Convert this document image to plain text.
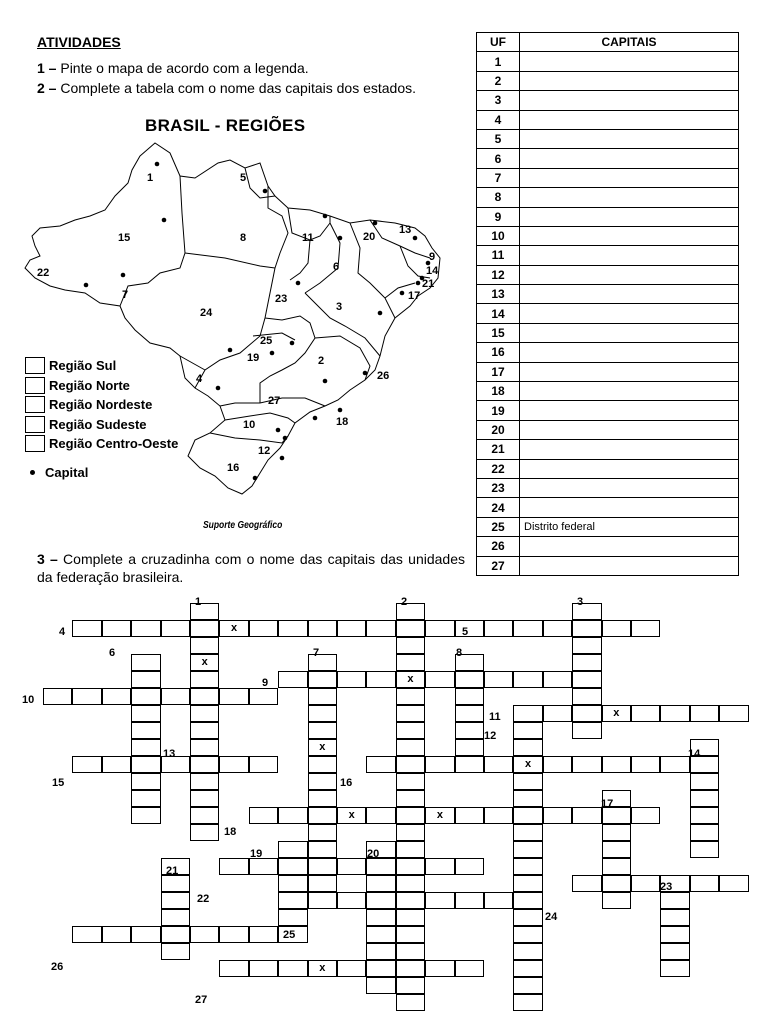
ATIVIDADES
1 – Pinte o mapa de acordo com a legenda.
2 – Complete a tabela com o nome das capitais dos estados.
BRASIL - REGIÕES
1	5
15	8	11	20
13
9
14
21
17
22
7
6
3
23
24
25
19	2
26
4
27
10	18
12
16
Região Sul
Região Norte
Região Nordeste
Região Sudeste
Região Centro-Oeste
Capital
Suporte Geográfico
UF	CAPITAIS
1	
2	
3	
4	
5	
6	
7	
8	
9	
10	
11	
12	
13	
14	
15	
16	
17	
18	
19	
20	
21	
22	
23	
24	
25	Distrito federal
26	
27	
3 – Complete a cruzadinha com o nome das capitais das unidades da federação brasileira.
x
x
x
x
x	x
x
x
x
1	2	3
4	5
6	7	8
9
10
11
12
13	14
15	16
17
18
19	20
21
22
23
24
25
26
27
